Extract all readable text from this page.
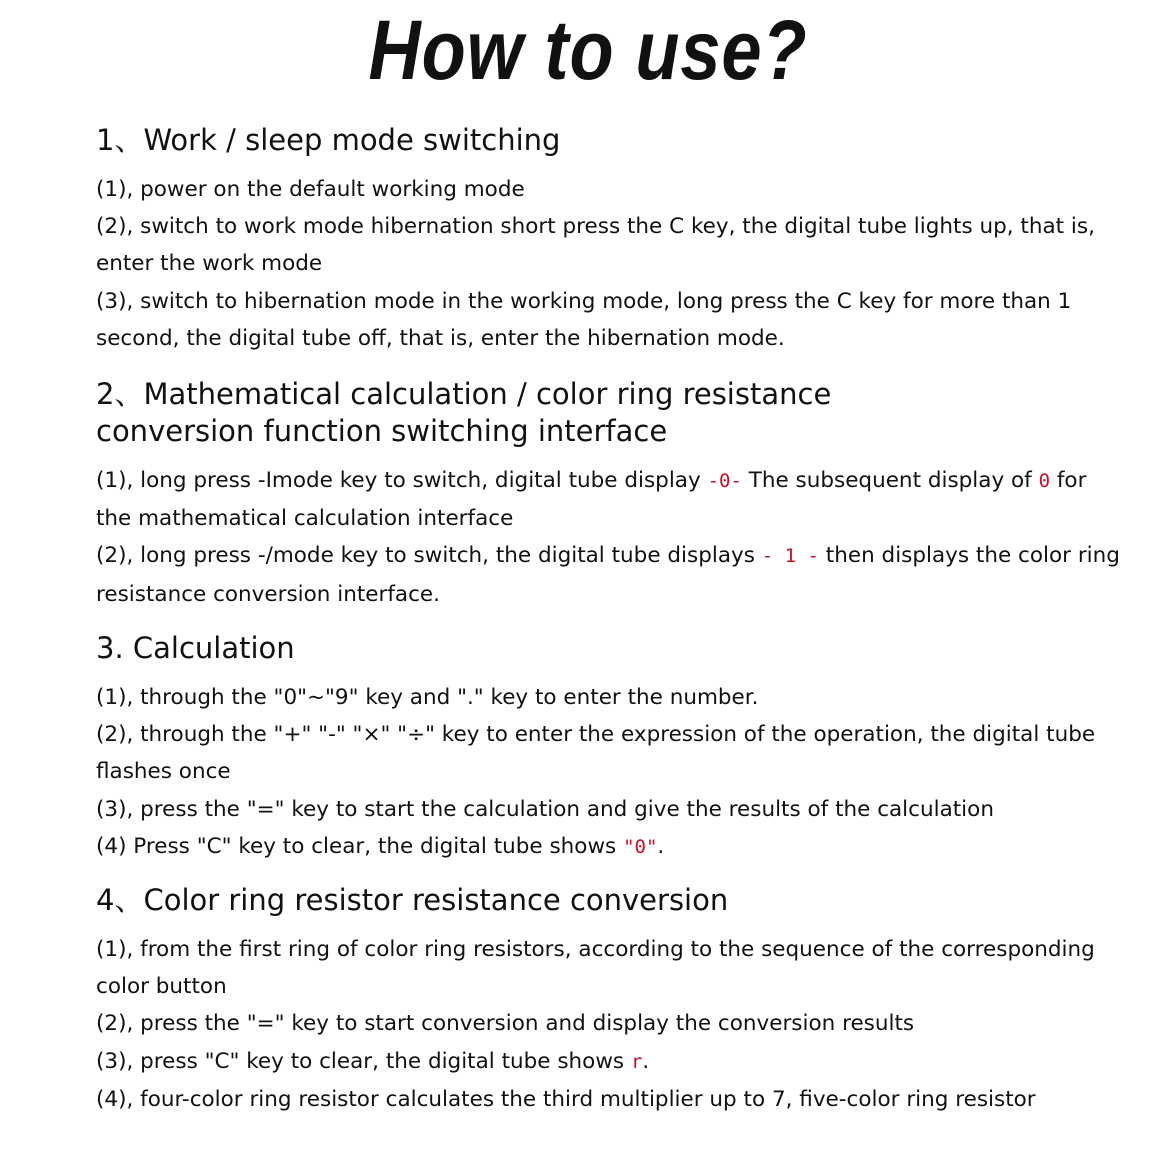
How to use?
1、Work / sleep mode switching
(1), power on the default working mode
(2), switch to work mode hibernation short press the C key, the digital tube lights up, that is,
enter the work mode
(3), switch to hibernation mode in the working mode, long press the C key for more than 1
second, the digital tube off, that is, enter the hibernation mode.
2、Mathematical calculation / color ring resistance
conversion function switching interface
(1), long press -Imode key to switch, digital tube display -0- The subsequent display of 0 for
the mathematical calculation interface
(2), long press -/mode key to switch, the digital tube displays - 1 - then displays the color ring
resistance conversion interface.
3. Calculation
(1), through the "0"~"9" key and "." key to enter the number.
(2), through the "+" "-" "×" "÷" key to enter the expression of the operation, the digital tube
flashes once
(3), press the "=" key to start the calculation and give the results of the calculation
(4) Press "C" key to clear, the digital tube shows "0".
4、Color ring resistor resistance conversion
(1), from the first ring of color ring resistors, according to the sequence of the corresponding
color button
(2), press the "=" key to start conversion and display the conversion results
(3), press "C" key to clear, the digital tube shows r.
(4), four-color ring resistor calculates the third multiplier up to 7, five-color ring resistor
